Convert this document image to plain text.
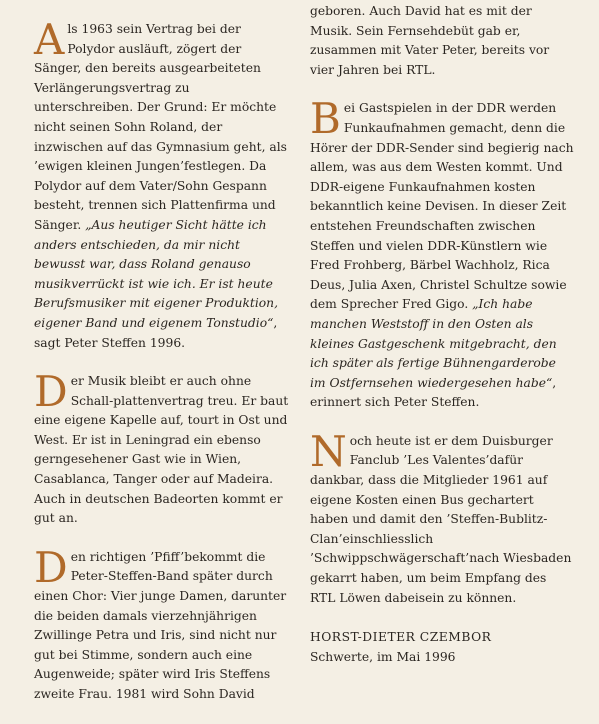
Als 1963 sein Vertrag bei der Polydor ausläuft, zögert der Sänger, den bereits ausgearbeiteten Verlängerungsvertrag zu unterschreiben. Der Grund: Er möchte nicht seinen Sohn Roland, der inzwischen auf das Gymnasium geht, als ’ewigen kleinen Jungen’festlegen. Da Polydor auf dem Vater/Sohn Gespann besteht, trennen sich Plattenfirma und Sänger. „Aus heutiger Sicht hätte ich anders entschieden, da mir nicht bewusst war, dass Roland genauso musikverrückt ist wie ich. Er ist heute Berufsmusiker mit eigener Produktion, eigener Band und eigenem Tonstudio“, sagt Peter Steffen 1996.

Der Musik bleibt er auch ohne Schall-plattenvertrag treu. Er baut eine eigene Kapelle auf, tourt in Ost und West. Er ist in Leningrad ein ebenso gerngesehener Gast wie in Wien, Casablanca, Tanger oder auf Madeira. Auch in deutschen Badeorten kommt er gut an.

Den richtigen ’Pfiff’bekommt die Peter-Steffen-Band später durch einen Chor: Vier junge Damen, darunter die beiden damals vierzehnjährigen Zwillinge Petra und Iris, sind nicht nur gut bei Stimme, sondern auch eine Augenweide; später wird Iris Steffens zweite Frau. 1981 wird Sohn David

geboren. Auch David hat es mit der Musik. Sein Fernsehdebüt gab er, zusammen mit Vater Peter, bereits vor vier Jahren bei RTL.

Bei Gastspielen in der DDR werden Funkaufnahmen gemacht, denn die Hörer der DDR-Sender sind begierig nach allem, was aus dem Westen kommt. Und DDR-eigene Funkaufnahmen kosten bekanntlich keine Devisen. In dieser Zeit entstehen Freundschaften zwischen Steffen und vielen DDR-Künstlern wie Fred Frohberg, Bärbel Wachholz, Rica Deus, Julia Axen, Christel Schultze sowie dem Sprecher Fred Gigo. „Ich habe manchen Weststoff in den Osten als kleines Gastgeschenk mitgebracht, den ich später als fertige Bühnengarderobe im Ostfernsehen wiedergesehen habe“, erinnert sich Peter Steffen.

Noch heute ist er dem Duisburger Fanclub ’Les Valentes’dafür dankbar, dass die Mitglieder 1961 auf eigene Kosten einen Bus gechartert haben und damit den ’Steffen-Bublitz-Clan’einschliesslich ’Schwippschwägerschaft’nach Wiesbaden gekarrt haben, um beim Empfang des RTL Löwen dabeisein zu können.

HORST-DIETER CZEMBOR

Schwerte, im Mai 1996
